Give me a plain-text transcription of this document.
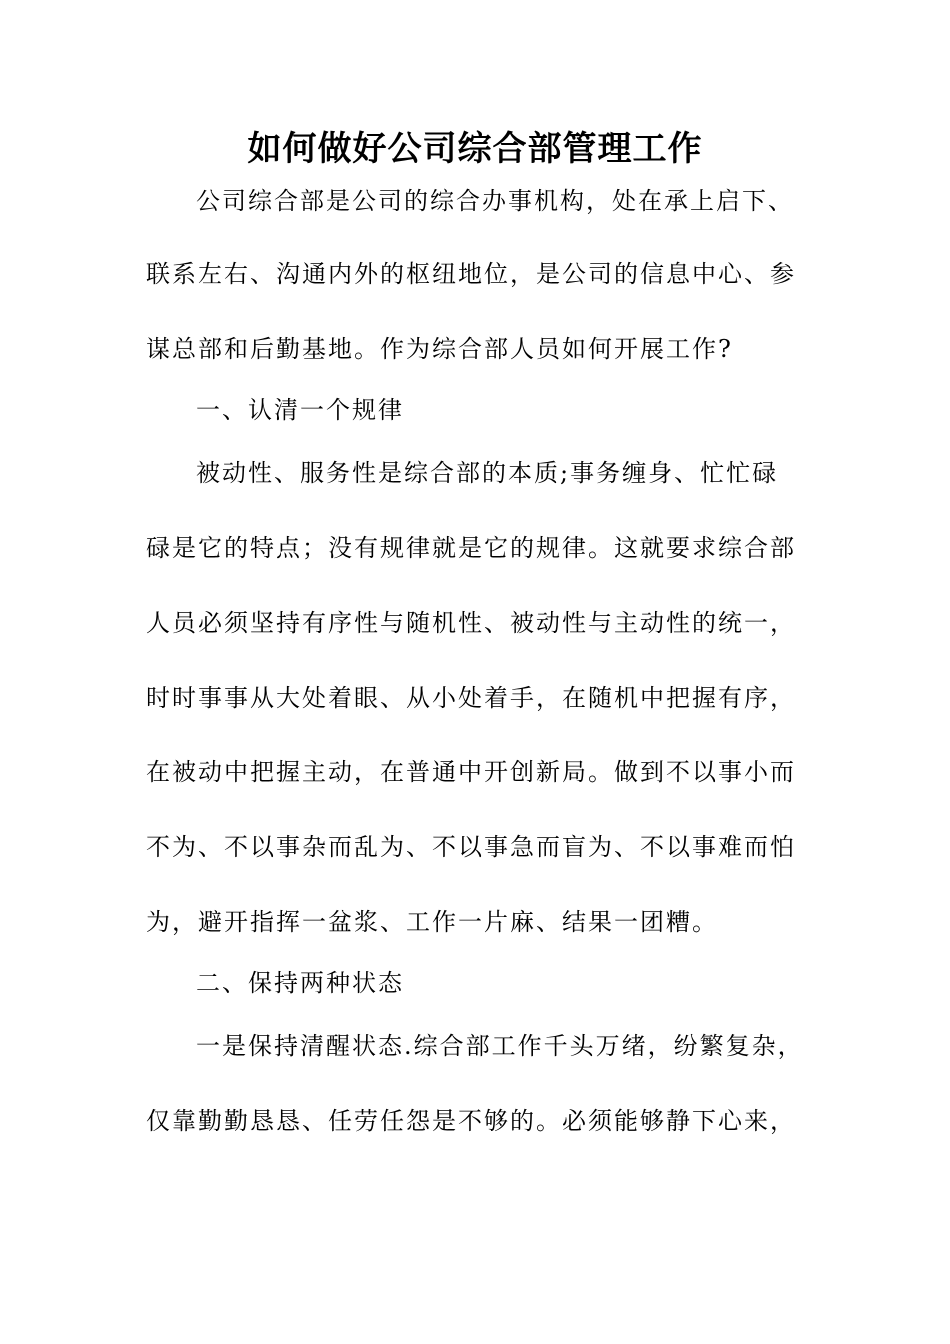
如何做好公司综合部管理工作
公司综合部是公司的综合办事机构，处在承上启下、
联系左右、沟通内外的枢纽地位，是公司的信息中心、参
谋总部和后勤基地。作为综合部人员如何开展工作?
一、认清一个规律
被动性、服务性是综合部的本质;事务缠身、忙忙碌
碌是它的特点；没有规律就是它的规律。这就要求综合部
人员必须坚持有序性与随机性、被动性与主动性的统一，
时时事事从大处着眼、从小处着手，在随机中把握有序，
在被动中把握主动，在普通中开创新局。做到不以事小而
不为、不以事杂而乱为、不以事急而盲为、不以事难而怕
为，避开指挥一盆浆、工作一片麻、结果一团糟。
二、保持两种状态
一是保持清醒状态.综合部工作千头万绪，纷繁复杂，
仅靠勤勤恳恳、任劳任怨是不够的。必须能够静下心来，
